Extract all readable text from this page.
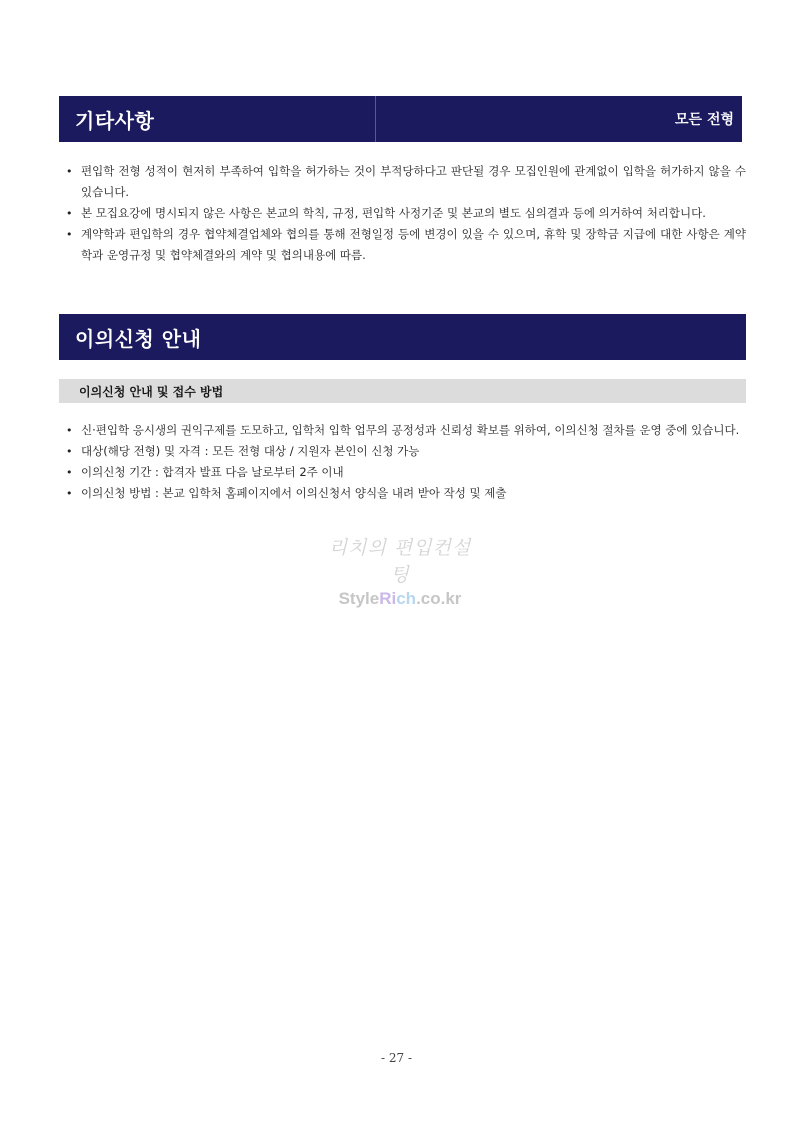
기타사항	모든 전형
• 편입학 전형 성적이 현저히 부족하여 입학을 허가하는 것이 부적당하다고 판단될 경우 모집인원에 관계없이 입학을 허가하지 않을 수 있습니다.
• 본 모집요강에 명시되지 않은 사항은 본교의 학칙, 규정, 편입학 사정기준 및 본교의 별도 심의결과 등에 의거하여 처리합니다.
• 계약학과 편입학의 경우 협약체결업체와 협의를 통해 전형일정 등에 변경이 있을 수 있으며, 휴학 및 장학금 지급에 대한 사항은 계약학과 운영규정 및 협약체결와의 계약 및 협의내용에 따름.
이의신청 안내
이의신청 안내 및 접수 방법
• 신·편입학 응시생의 권익구제를 도모하고, 입학처 입학 업무의 공정성과 신뢰성 확보를 위하여, 이의신청 절차를 운영 중에 있습니다.
• 대상(해당 전형) 및 자격 : 모든 전형 대상 / 지원자 본인이 신청 가능
• 이의신청 기간 : 합격자 발표 다음 날로부터 2주 이내
• 이의신청 방법 : 본교 입학처 홈페이지에서 이의신청서 양식을 내려 받아 작성 및 제출
리치의 편입컨설팅
StyleRich.co.kr
- 27 -
